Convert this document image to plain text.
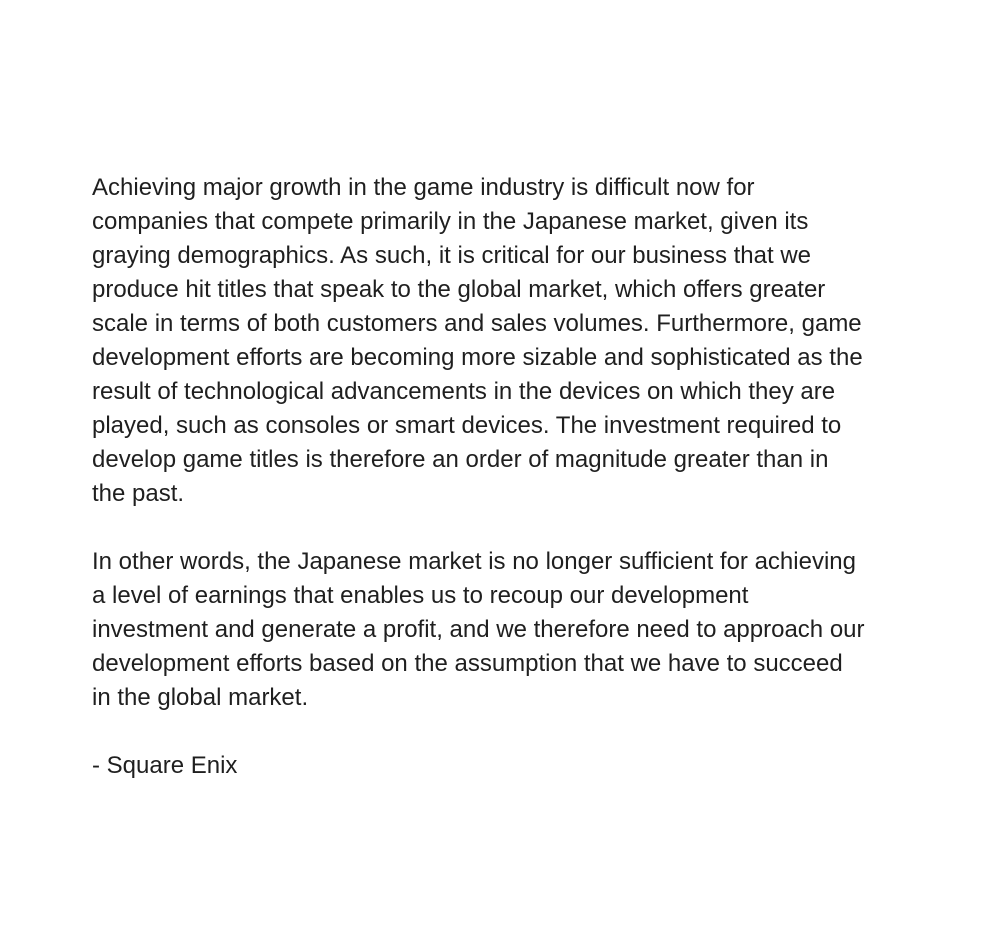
Achieving major growth in the game industry is difficult now for
companies that compete primarily in the Japanese market, given its
graying demographics. As such, it is critical for our business that we
produce hit titles that speak to the global market, which offers greater
scale in terms of both customers and sales volumes. Furthermore, game
development efforts are becoming more sizable and sophisticated as the
result of technological advancements in the devices on which they are
played, such as consoles or smart devices. The investment required to
develop game titles is therefore an order of magnitude greater than in
the past.
In other words, the Japanese market is no longer sufficient for achieving
a level of earnings that enables us to recoup our development
investment and generate a profit, and we therefore need to approach our
development efforts based on the assumption that we have to succeed
in the global market.
- Square Enix
